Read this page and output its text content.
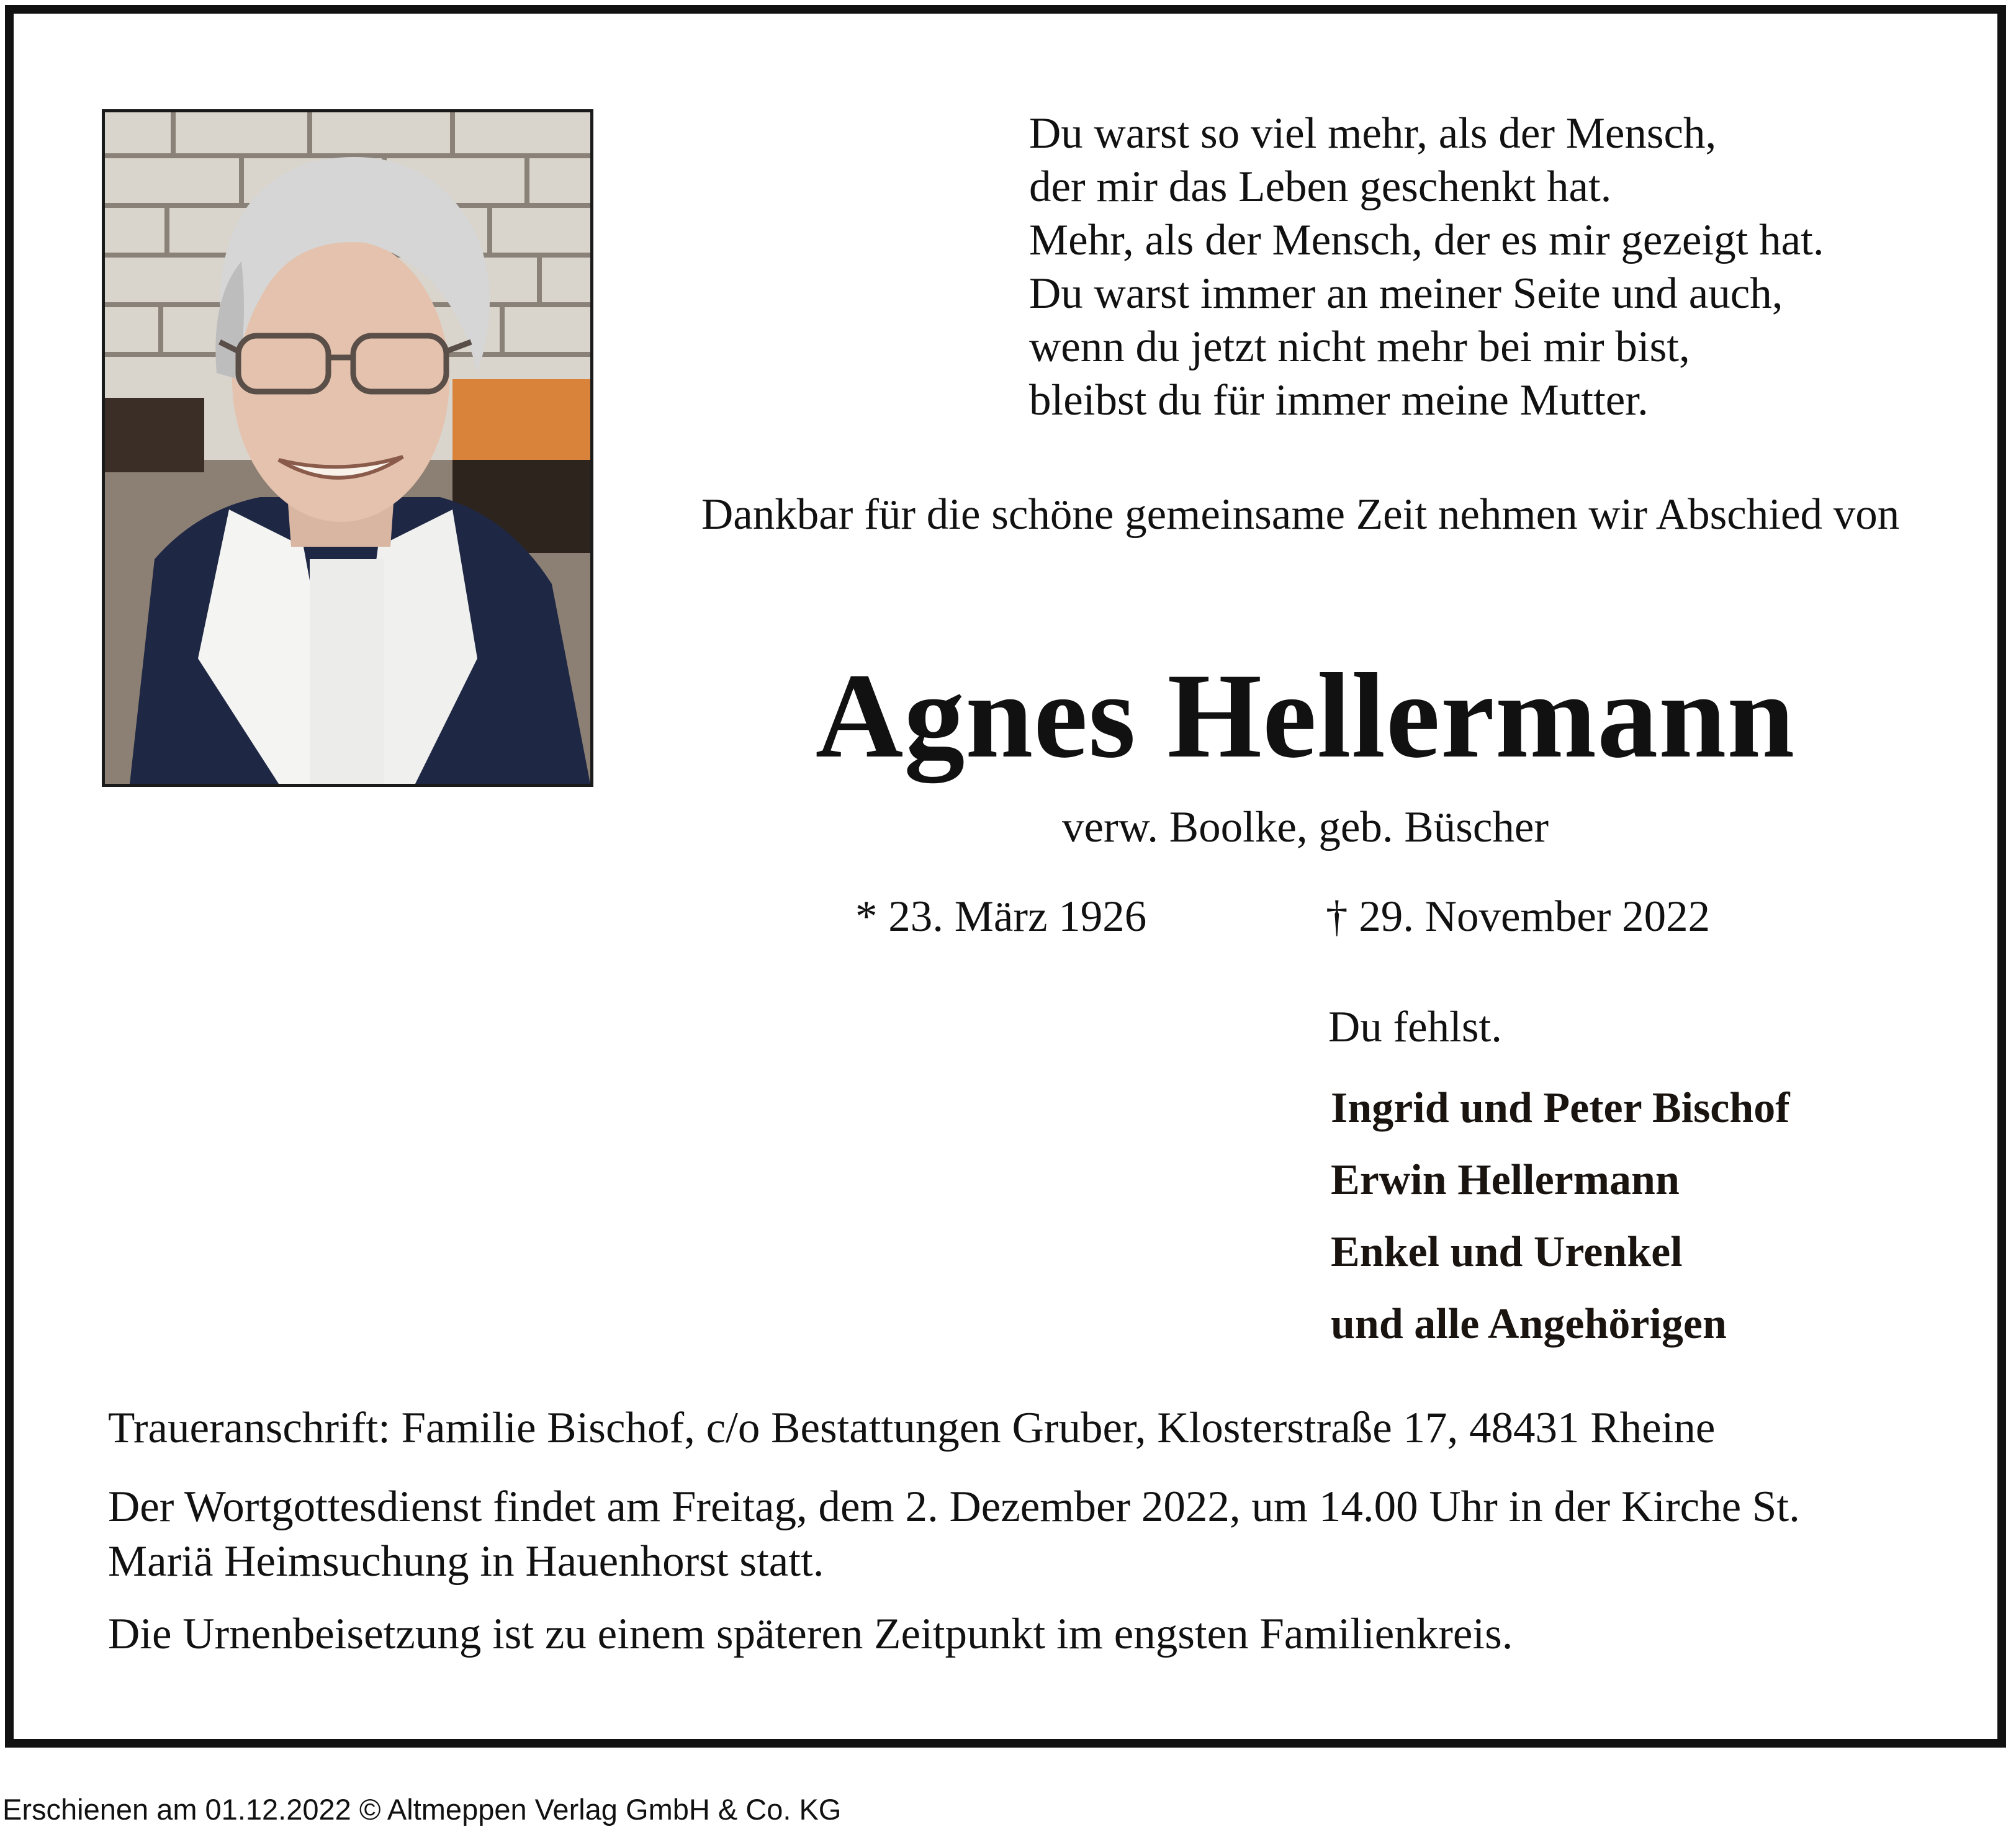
Du warst so viel mehr, als der Mensch,
der mir das Leben geschenkt hat.
Mehr, als der Mensch, der es mir gezeigt hat.
Du warst immer an meiner Seite und auch,
wenn du jetzt nicht mehr bei mir bist,
bleibst du für immer meine Mutter.
Dankbar für die schöne gemeinsame Zeit nehmen wir Abschied von
Agnes Hellermann
verw. Boolke, geb. Büscher
* 23. März 1926	† 29. November 2022
Du fehlst.
Ingrid und Peter Bischof
Erwin Hellermann
Enkel und Urenkel
und alle Angehörigen
Traueranschrift: Familie Bischof, c/o Bestattungen Gruber, Klosterstraße 17, 48431 Rheine
Der Wortgottesdienst findet am Freitag, dem 2. Dezember 2022, um 14.00 Uhr in der Kirche St. Mariä Heimsuchung in Hauenhorst statt.
Die Urnenbeisetzung ist zu einem späteren Zeitpunkt im engsten Familienkreis.
Erschienen am 01.12.2022 © Altmeppen Verlag GmbH & Co. KG
